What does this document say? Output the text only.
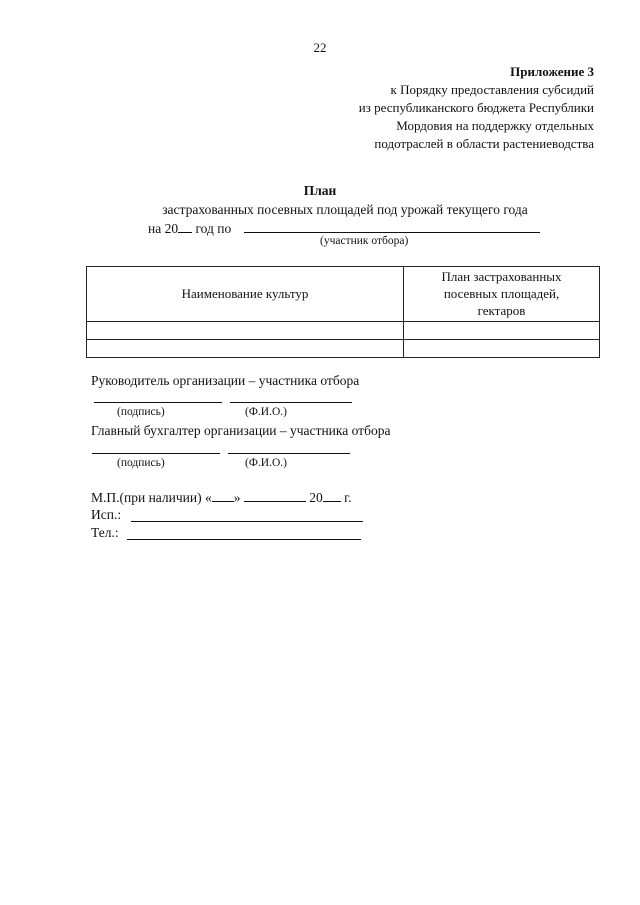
22
Приложение 3
к Порядку предоставления субсидий
из республиканского бюджета Республики
Мордовия на поддержку отдельных
подотраслей в области растениеводства
План
застрахованных посевных площадей под урожай текущего года
на 20 год по
(участник отбора)
Наименование культур	План застрахованных посевных площадей, гектаров

Руководитель организации – участника отбора
(подпись)	(Ф.И.О.)
Главный бухгалтер организации – участника отбора
(подпись)	(Ф.И.О.)
М.П.(при наличии) « »	20 г.
Исп.:
Тел.:
